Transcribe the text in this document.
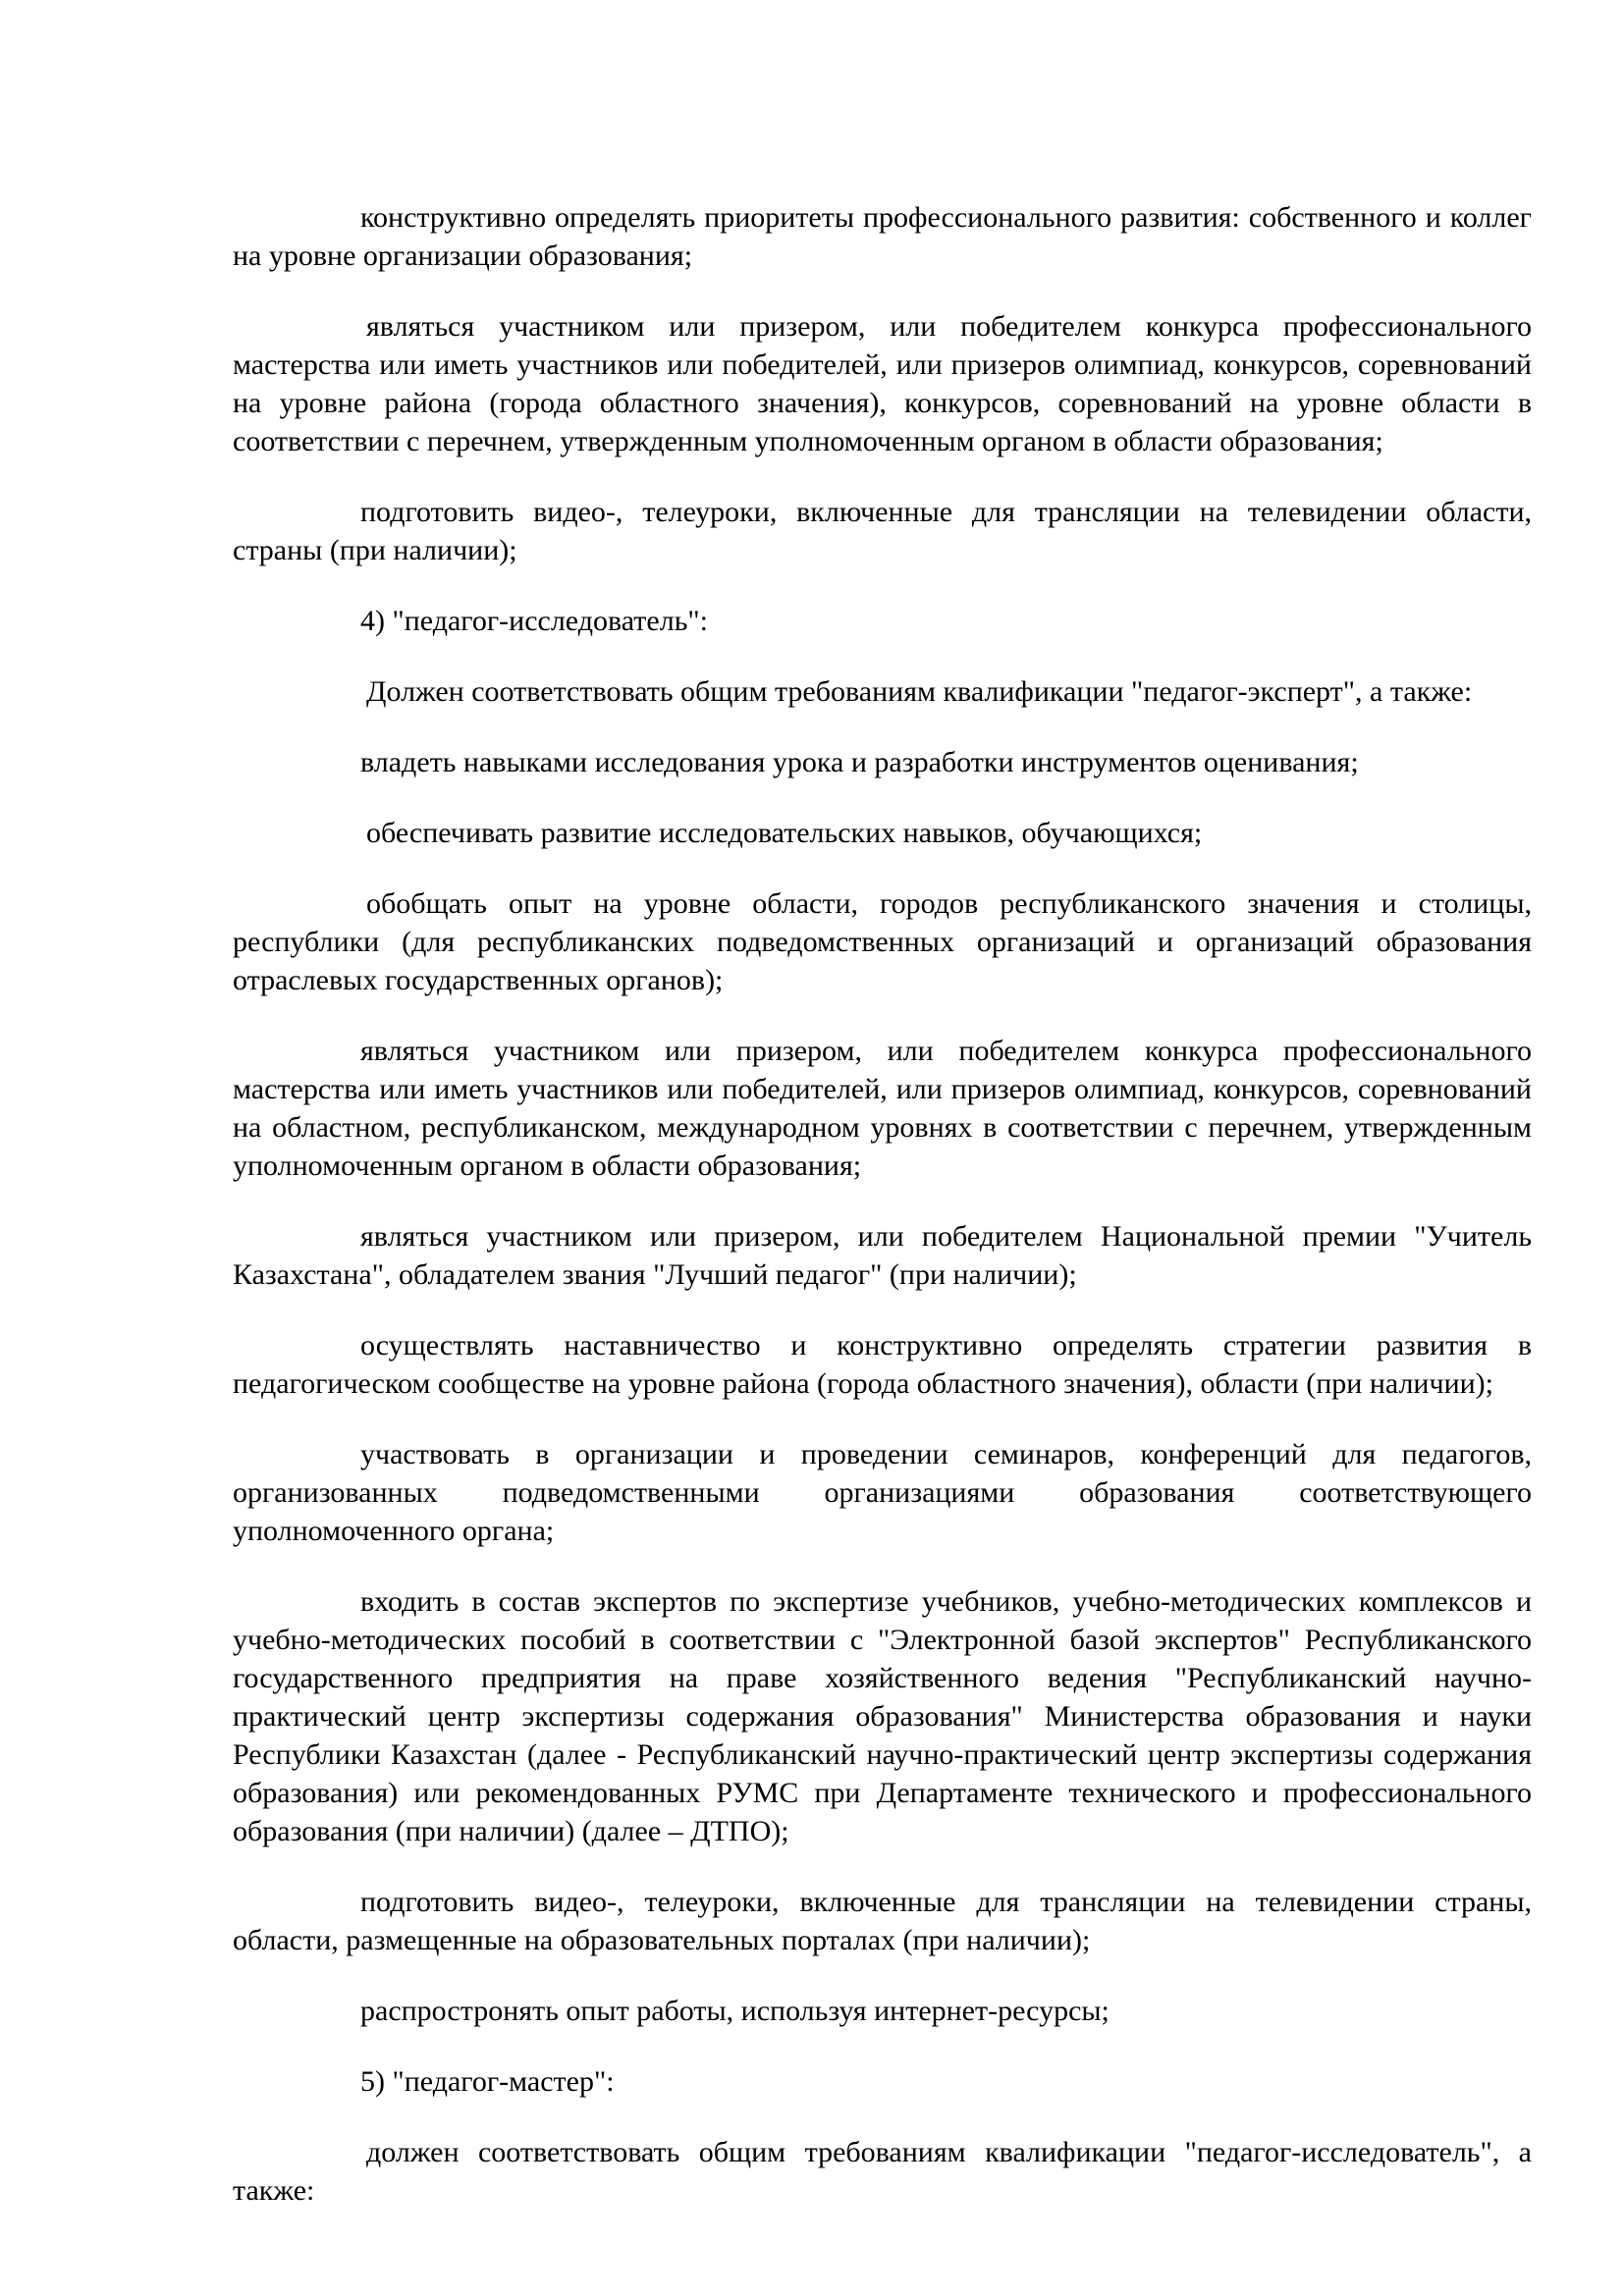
конструктивно определять приоритеты профессионального развития: собственного и коллег на уровне организации образования;

являться участником или призером, или победителем конкурса профессионального мастерства или иметь участников или победителей, или призеров олимпиад, конкурсов, соревнований на уровне района (города областного значения), конкурсов, соревнований на уровне области в соответствии с перечнем, утвержденным уполномоченным органом в области образования;

подготовить видео-, телеуроки, включенные для трансляции на телевидении области, страны (при наличии);

4) "педагог-исследователь":

Должен соответствовать общим требованиям квалификации "педагог-эксперт", а также:

владеть навыками исследования урока и разработки инструментов оценивания;

обеспечивать развитие исследовательских навыков, обучающихся;

обобщать опыт на уровне области, городов республиканского значения и столицы, республики (для республиканских подведомственных организаций и организаций образования отраслевых государственных органов);

являться участником или призером, или победителем конкурса профессионального мастерства или иметь участников или победителей, или призеров олимпиад, конкурсов, соревнований на областном, республиканском, международном уровнях в соответствии с перечнем, утвержденным уполномоченным органом в области образования;

являться участником или призером, или победителем Национальной премии "Учитель Казахстана", обладателем звания "Лучший педагог" (при наличии);

осуществлять наставничество и конструктивно определять стратегии развития в педагогическом сообществе на уровне района (города областного значения), области (при наличии);

участвовать в организации и проведении семинаров, конференций для педагогов, организованных подведомственными организациями образования соответствующего уполномоченного органа;

входить в состав экспертов по экспертизе учебников, учебно-методических комплексов и учебно-методических пособий в соответствии с "Электронной базой экспертов" Республиканского государственного предприятия на праве хозяйственного ведения "Республиканский научно-практический центр экспертизы содержания образования" Министерства образования и науки Республики Казахстан (далее - Республиканский научно-практический центр экспертизы содержания образования) или рекомендованных РУМС при Департаменте технического и профессионального образования (при наличии) (далее – ДТПО);

подготовить видео-, телеуроки, включенные для трансляции на телевидении страны, области, размещенные на образовательных порталах (при наличии);

распростронять опыт работы, используя интернет-ресурсы;

5) "педагог-мастер":

должен соответствовать общим требованиям квалификации "педагог-исследователь", а также:
